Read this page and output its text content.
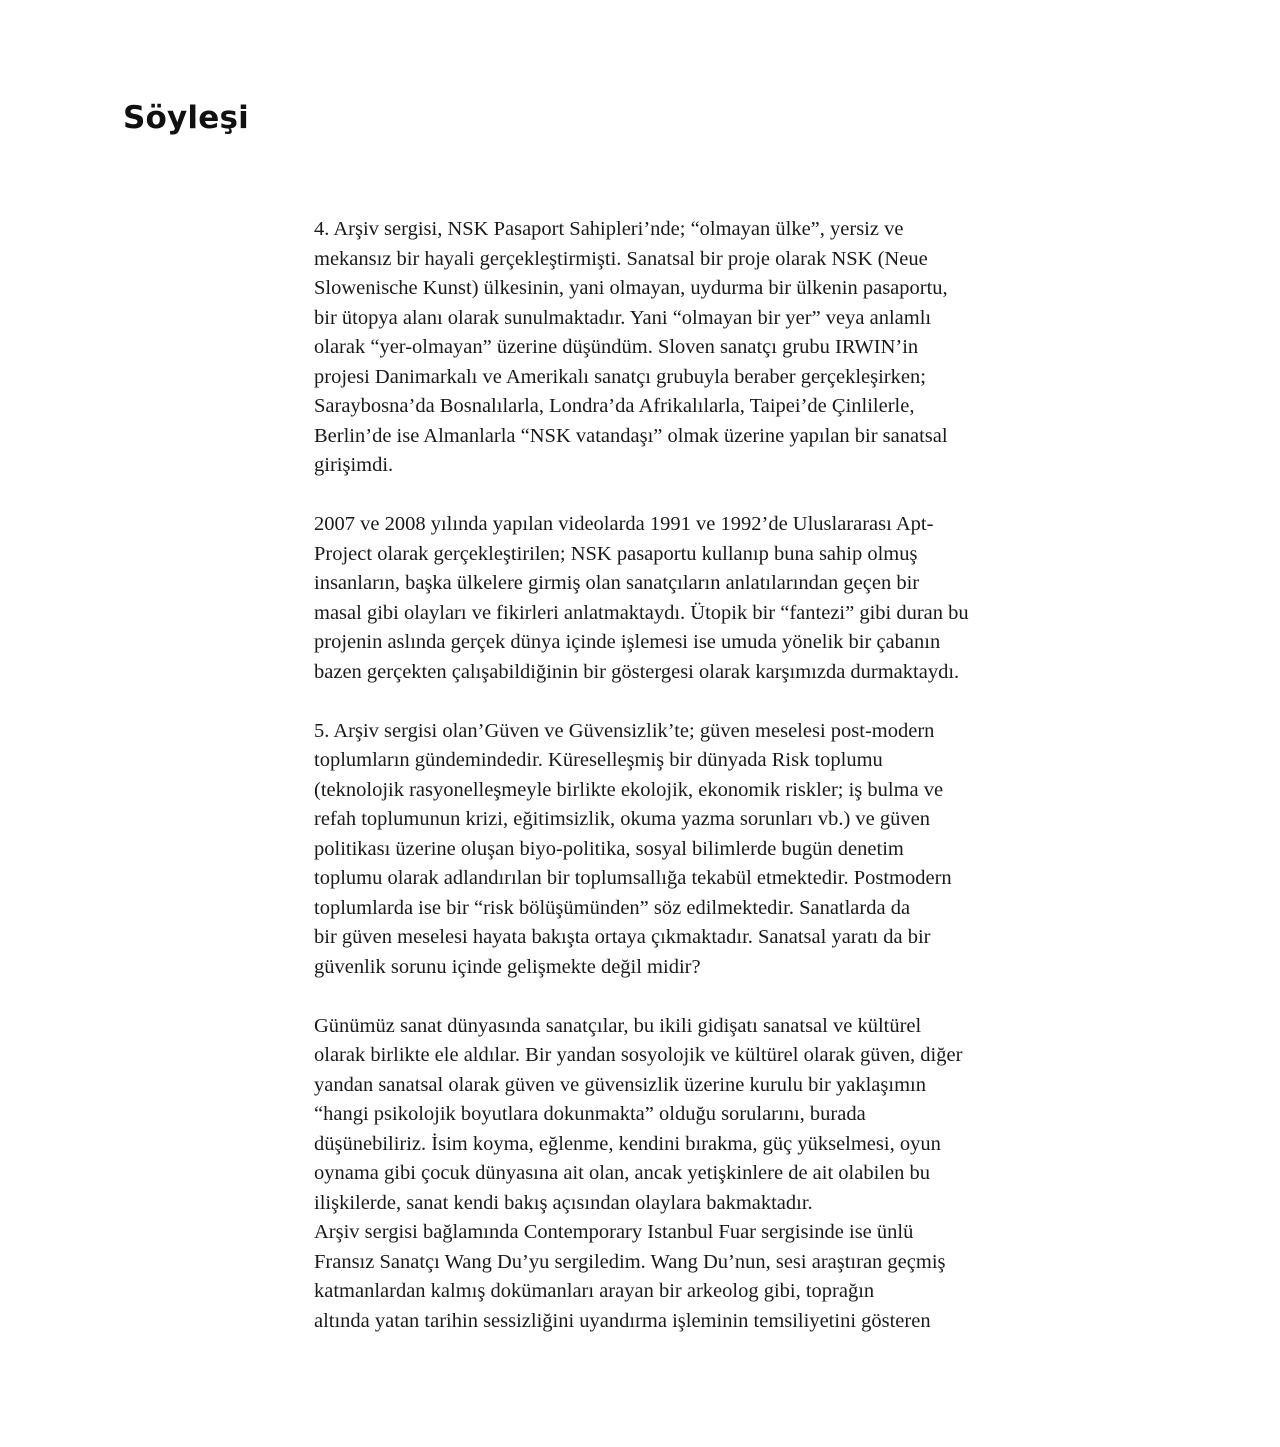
Söyleşi

4. Arşiv sergisi, NSK Pasaport Sahipleri’nde; “olmayan ülke”, yersiz ve
mekansız bir hayali gerçekleştirmişti. Sanatsal bir proje olarak NSK (Neue
Slowenische Kunst) ülkesinin, yani olmayan, uydurma bir ülkenin pasaportu,
bir ütopya alanı olarak sunulmaktadır. Yani “olmayan bir yer” veya anlamlı
olarak “yer-olmayan” üzerine düşündüm. Sloven sanatçı grubu IRWIN’in
projesi Danimarkalı ve Amerikalı sanatçı grubuyla beraber gerçekleşirken;
Saraybosna’da Bosnalılarla, Londra’da Afrikalılarla, Taipei’de Çinlilerle,
Berlin’de ise Almanlarla “NSK vatandaşı” olmak üzerine yapılan bir sanatsal
girişimdi.

2007 ve 2008 yılında yapılan videolarda 1991 ve 1992’de Uluslararası Apt-
Project olarak gerçekleştirilen; NSK pasaportu kullanıp buna sahip olmuş
insanların, başka ülkelere girmiş olan sanatçıların anlatılarından geçen bir
masal gibi olayları ve fikirleri anlatmaktaydı. Ütopik bir “fantezi” gibi duran bu
projenin aslında gerçek dünya içinde işlemesi ise umuda yönelik bir çabanın
bazen gerçekten çalışabildiğinin bir göstergesi olarak karşımızda durmaktaydı.

5. Arşiv sergisi olan’Güven ve Güvensizlik’te; güven meselesi post-modern
toplumların gündemindedir. Küreselleşmiş bir dünyada Risk toplumu
(teknolojik rasyonelleşmeyle birlikte ekolojik, ekonomik riskler; iş bulma ve
refah toplumunun krizi, eğitimsizlik, okuma yazma sorunları vb.) ve güven
politikası üzerine oluşan biyo-politika, sosyal bilimlerde bugün denetim
toplumu olarak adlandırılan bir toplumsallığa tekabül etmektedir. Postmodern
toplumlarda ise bir “risk bölüşümünden” söz edilmektedir. Sanatlarda da
bir güven meselesi hayata bakışta ortaya çıkmaktadır. Sanatsal yaratı da bir
güvenlik sorunu içinde gelişmekte değil midir?

Günümüz sanat dünyasında sanatçılar, bu ikili gidişatı sanatsal ve kültürel
olarak birlikte ele aldılar. Bir yandan sosyolojik ve kültürel olarak güven, diğer
yandan sanatsal olarak güven ve güvensizlik üzerine kurulu bir yaklaşımın
“hangi psikolojik boyutlara dokunmakta” olduğu sorularını, burada
düşünebiliriz. İsim koyma, eğlenme, kendini bırakma, güç yükselmesi, oyun
oynama gibi çocuk dünyasına ait olan, ancak yetişkinlere de ait olabilen bu
ilişkilerde, sanat kendi bakış açısından olaylara bakmaktadır.

Arşiv sergisi bağlamında Contemporary Istanbul Fuar sergisinde ise ünlü
Fransız Sanatçı Wang Du’yu sergiledim. Wang Du’nun, sesi araştıran geçmiş
katmanlardan kalmış dokümanları arayan bir arkeolog gibi, toprağın
altında yatan tarihin sessizliğini uyandırma işleminin temsiliyetini gösteren
